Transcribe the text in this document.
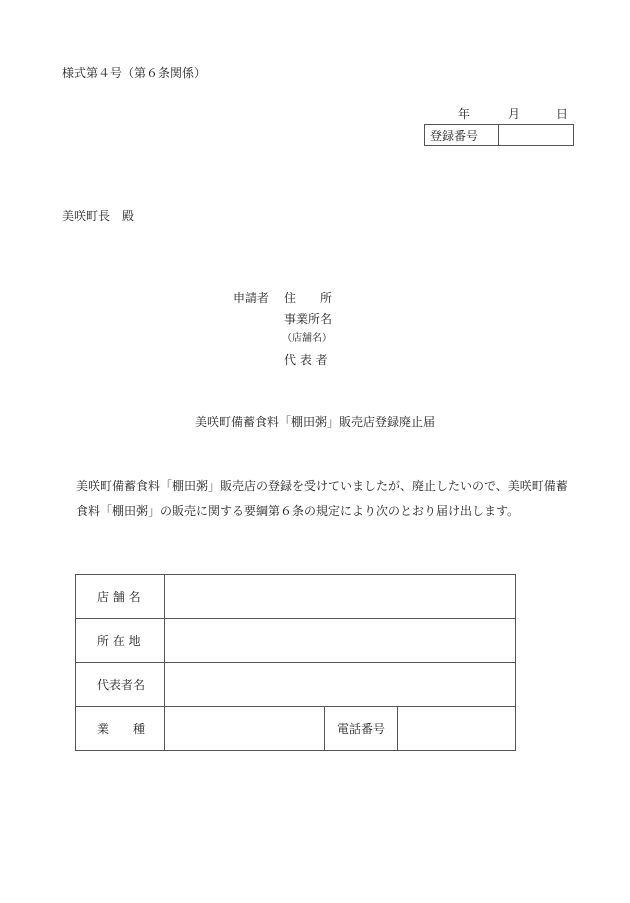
様式第４号（第６条関係）
年	月	日
登録番号
美咲町長　殿
申請者 住　　所
事業所名
（店舗名）
代 表 者
美咲町備蓄食料「棚田粥」販売店登録廃止届
美咲町備蓄食料「棚田粥」販売店の登録を受けていましたが、廃止したいので、美咲町備蓄食料「棚田粥」の販売に関する要綱第６条の規定により次のとおり届け出します。
店 舗 名			
所 在 地			
代表者名			
業　　種		電話番号	
